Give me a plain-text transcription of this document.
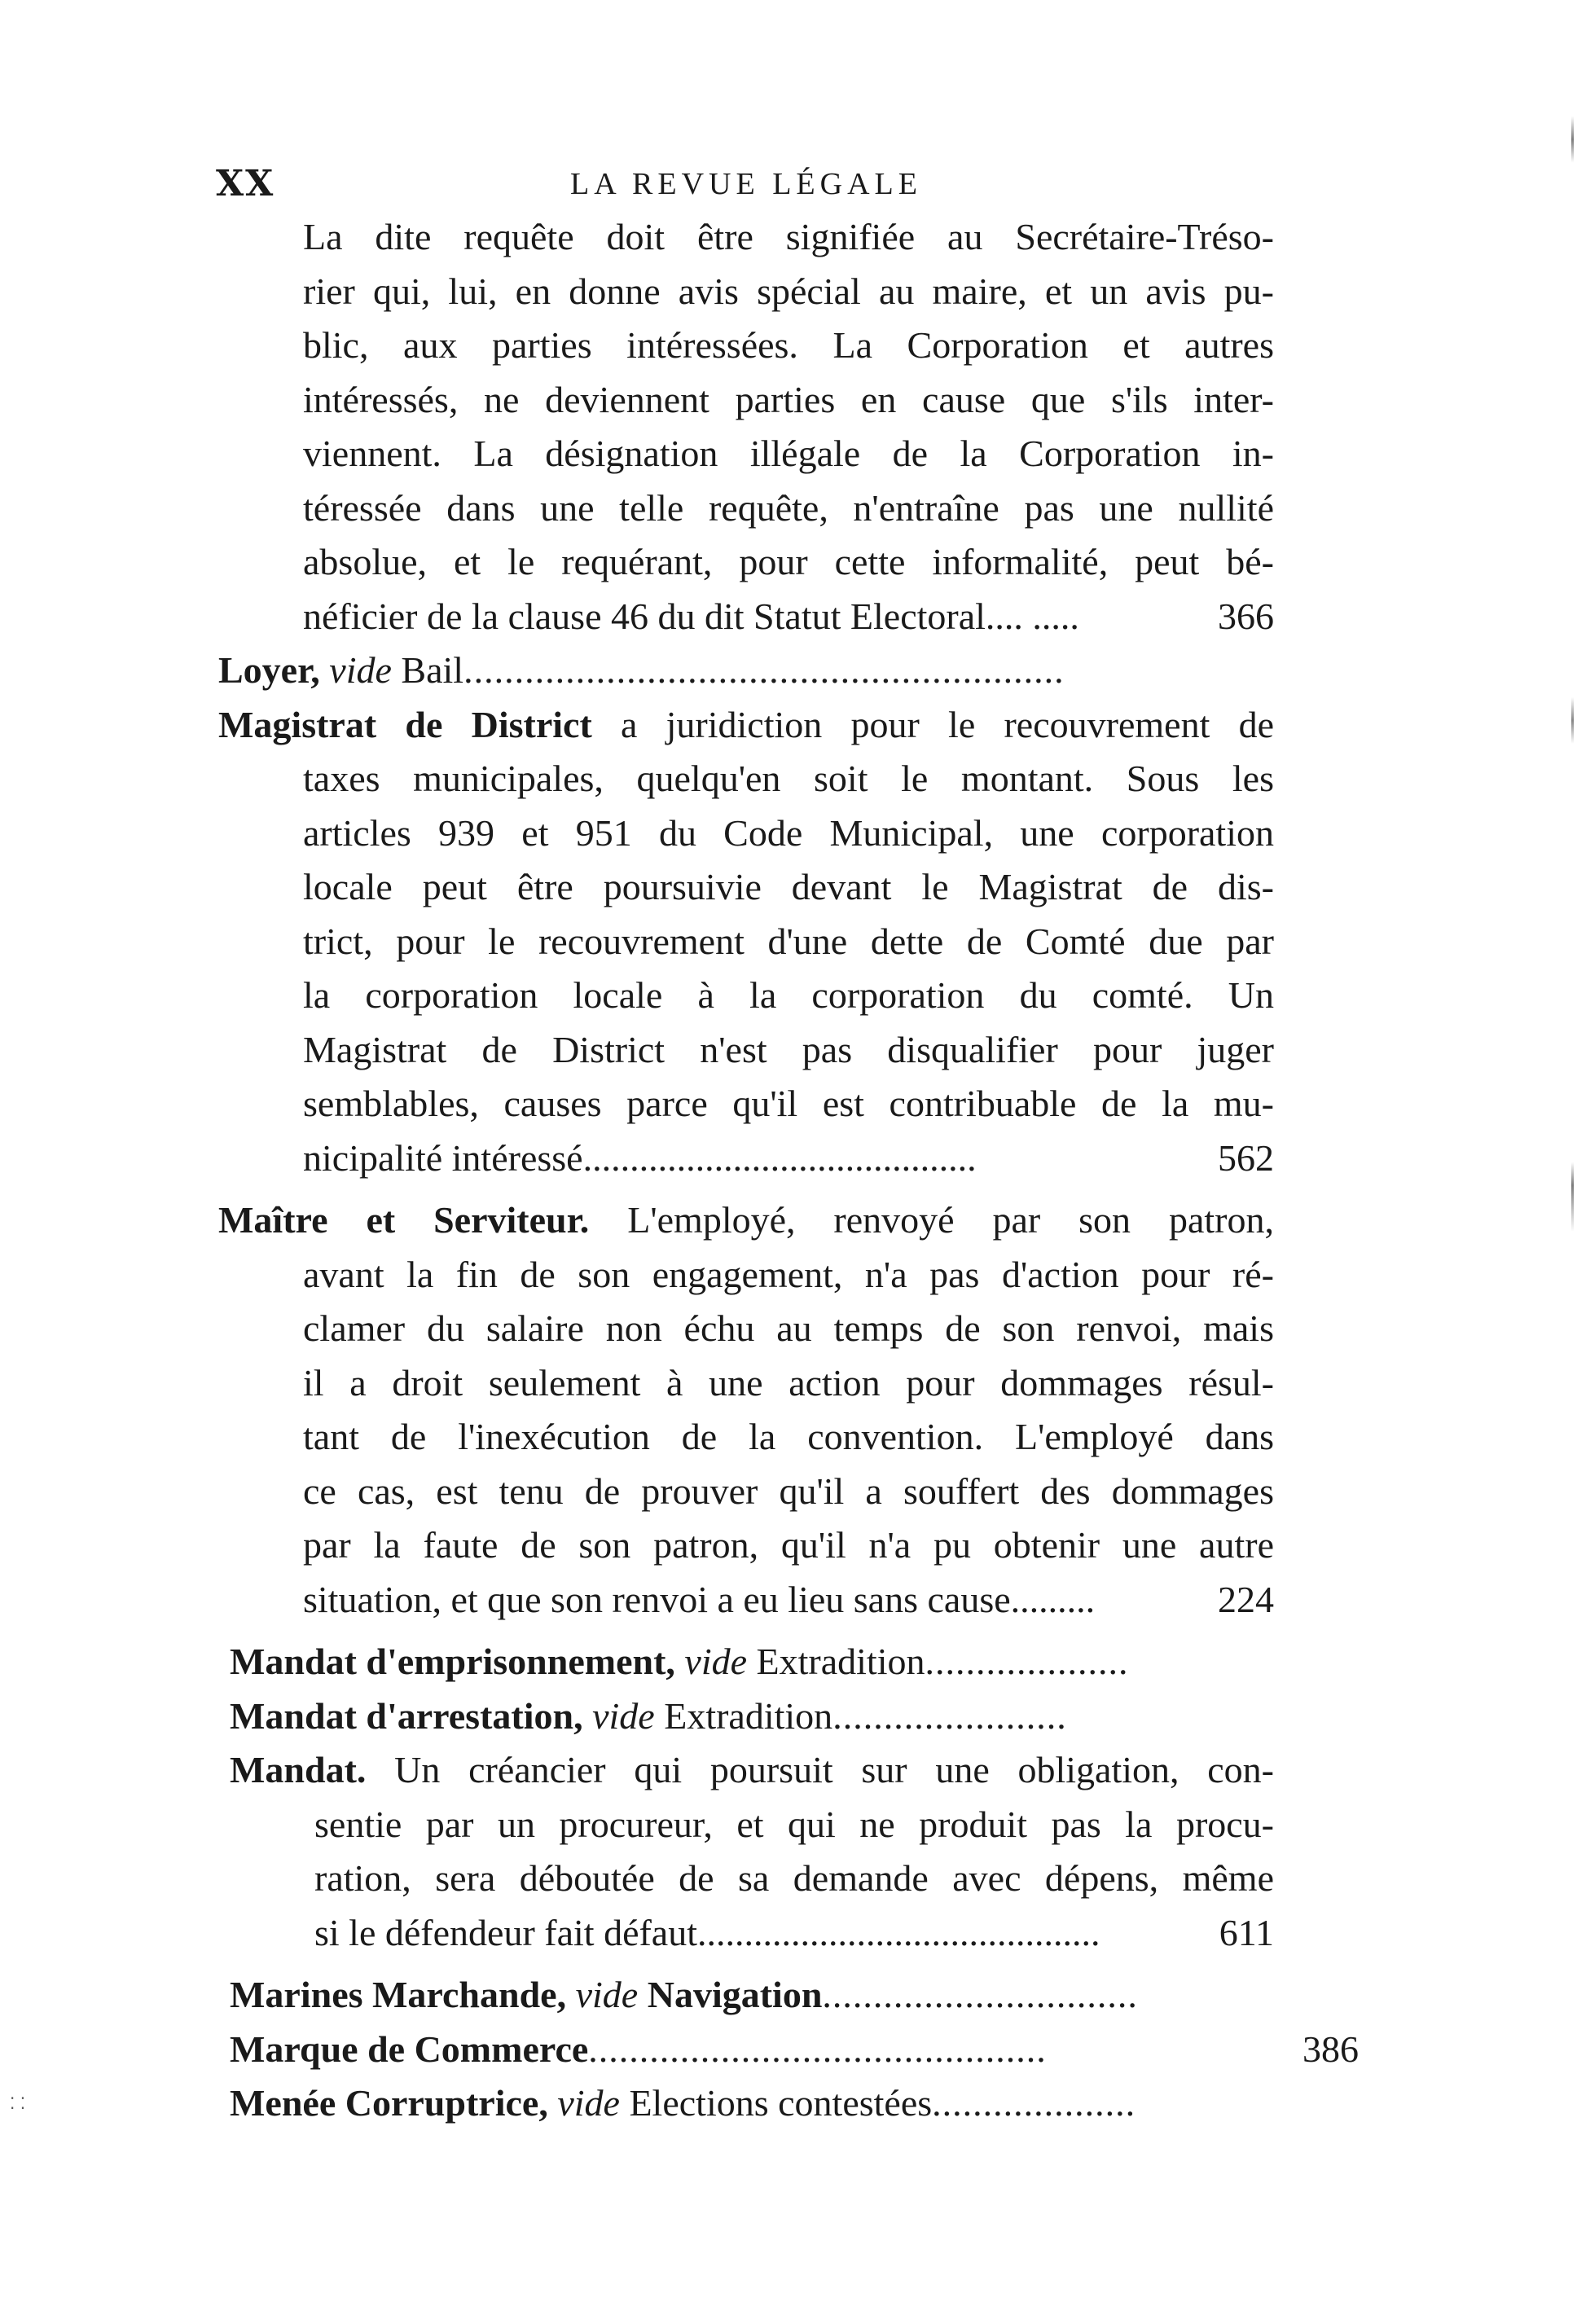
XX	LA REVUE LÉGALE
La dite requête doit être signifiée au Secrétaire-Tréso-
rier qui, lui, en donne avis spécial au maire, et un avis pu-
blic, aux parties intéressées. La Corporation et autres
intéressés, ne deviennent parties en cause que s'ils inter-
viennent. La désignation illégale de la Corporation in-
téressée dans une telle requête, n'entraîne pas une nullité
absolue, et le requérant, pour cette informalité, peut bé-
néficier de la clause 46 du dit Statut Electoral.... .....	366
Loyer, vide Bail...........................................................
Magistrat de District a juridiction pour le recouvrement de
taxes municipales, quelqu'en soit le montant. Sous les
articles 939 et 951 du Code Municipal, une corporation
locale peut être poursuivie devant le Magistrat de dis-
trict, pour le recouvrement d'une dette de Comté due par
la corporation locale à la corporation du comté. Un
Magistrat de District n'est pas disqualifier pour juger
semblables, causes parce qu'il est contribuable de la mu-
nicipalité intéressé..........................................	562
Maître et Serviteur. L'employé, renvoyé par son patron,
avant la fin de son engagement, n'a pas d'action pour ré-
clamer du salaire non échu au temps de son renvoi, mais
il a droit seulement à une action pour dommages résul-
tant de l'inexécution de la convention. L'employé dans
ce cas, est tenu de prouver qu'il a souffert des dommages
par la faute de son patron, qu'il n'a pu obtenir une autre
situation, et que son renvoi a eu lieu sans cause.........	224
Mandat d'emprisonnement, vide Extradition....................
Mandat d'arrestation, vide Extradition.......................
Mandat. Un créancier qui poursuit sur une obligation, con-
sentie par un procureur, et qui ne produit pas la procu-
ration, sera déboutée de sa demande avec dépens, même
si le défendeur fait défaut...........................................	611
Marines Marchande, vide Navigation...............................
Marque de Commerce.............................................	386
Menée Corruptrice, vide Elections contestées....................
⁚ ⁚
